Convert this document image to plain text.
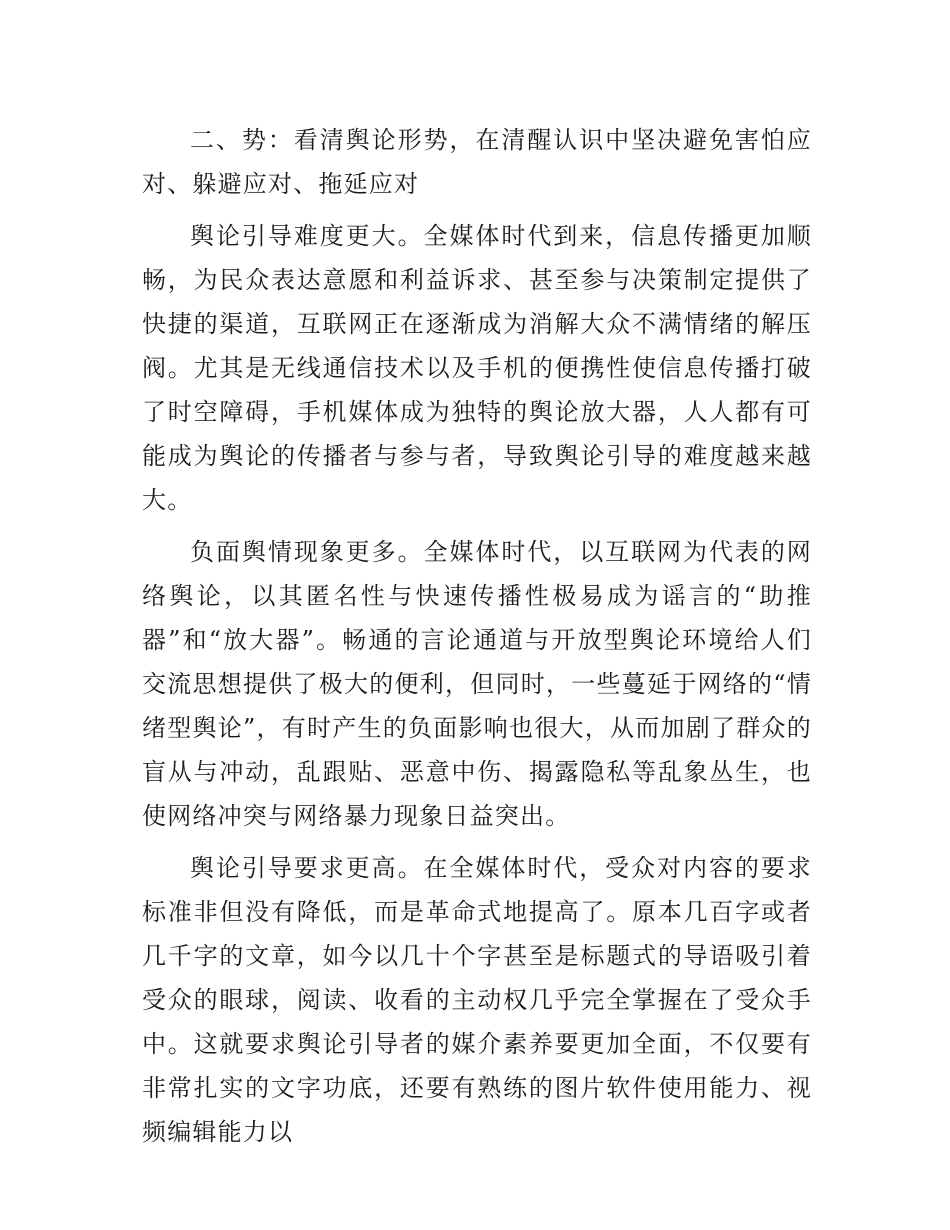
二、势：看清舆论形势，在清醒认识中坚决避免害怕应对、躲避应对、拖延应对

舆论引导难度更大。全媒体时代到来，信息传播更加顺畅，为民众表达意愿和利益诉求、甚至参与决策制定提供了快捷的渠道，互联网正在逐渐成为消解大众不满情绪的解压阀。尤其是无线通信技术以及手机的便携性使信息传播打破了时空障碍，手机媒体成为独特的舆论放大器，人人都有可能成为舆论的传播者与参与者，导致舆论引导的难度越来越大。

负面舆情现象更多。全媒体时代，以互联网为代表的网络舆论，以其匿名性与快速传播性极易成为谣言的“助推器”和“放大器”。畅通的言论通道与开放型舆论环境给人们交流思想提供了极大的便利，但同时，一些蔓延于网络的“情绪型舆论”，有时产生的负面影响也很大，从而加剧了群众的盲从与冲动，乱跟贴、恶意中伤、揭露隐私等乱象丛生，也使网络冲突与网络暴力现象日益突出。

舆论引导要求更高。在全媒体时代，受众对内容的要求标准非但没有降低，而是革命式地提高了。原本几百字或者几千字的文章，如今以几十个字甚至是标题式的导语吸引着受众的眼球，阅读、收看的主动权几乎完全掌握在了受众手中。这就要求舆论引导者的媒介素养要更加全面，不仅要有非常扎实的文字功底，还要有熟练的图片软件使用能力、视频编辑能力以
